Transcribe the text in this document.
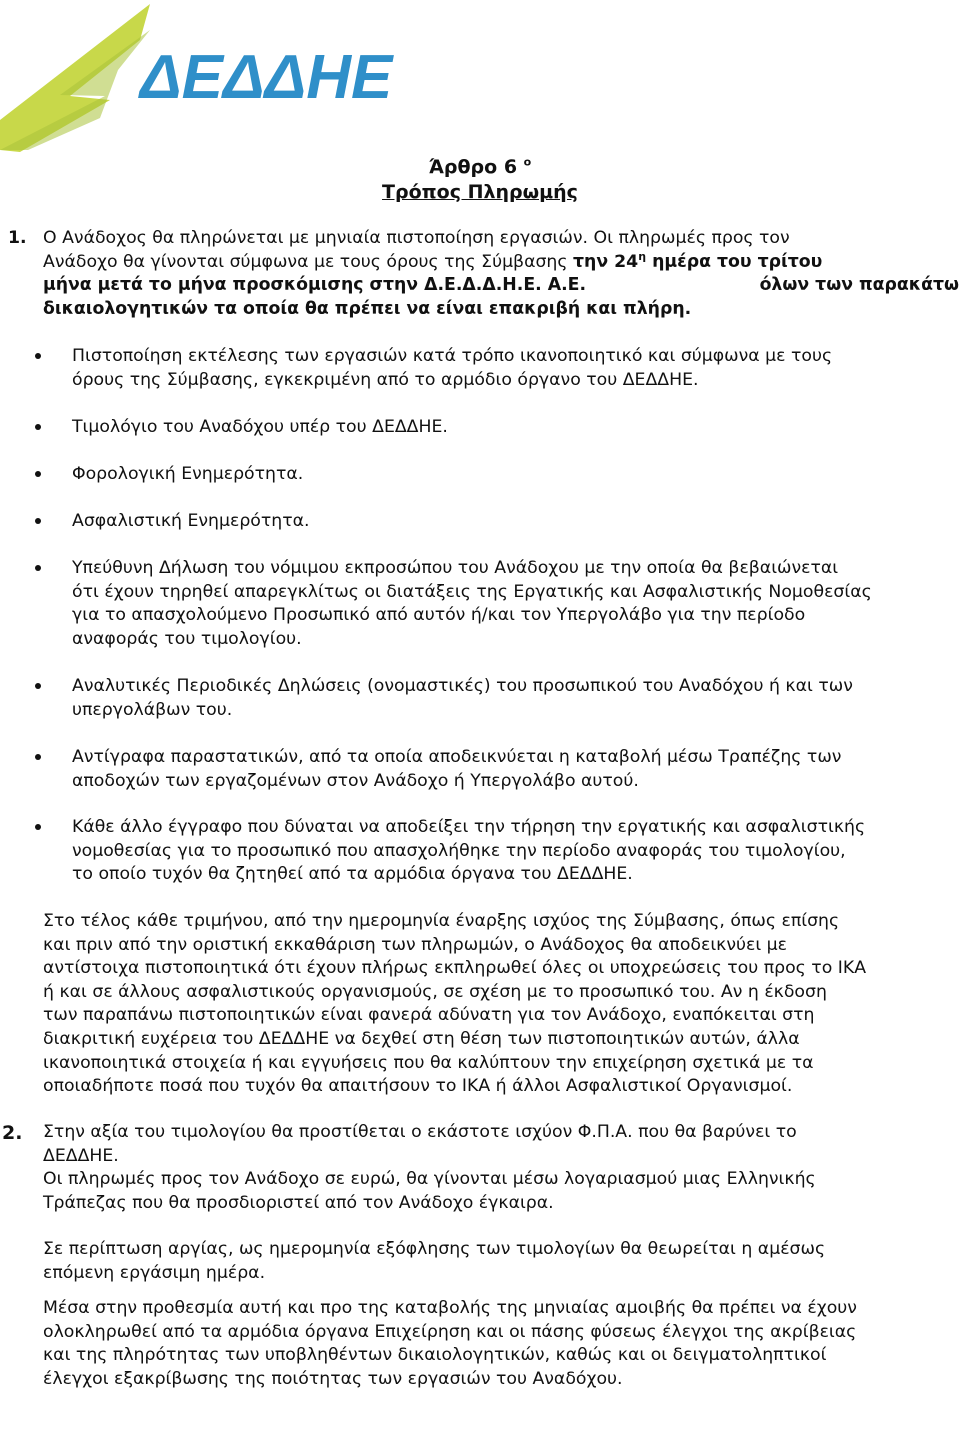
ΔΕΔΔΗΕ
Άρθρο 6 $^o$
Τρόπος Πληρωμής
1. Ο Ανάδοχος θα πληρώνεται με μηνιαία πιστοποίηση εργασιών. Οι πληρωμές προς τον
Ανάδοχο θα γίνονται σύμφωνα με τους όρους της Σύμβασης την $24^\eta$ ημέρα του τρίτου
μήνα μετά το μήνα προσκόμισης στην Δ.Ε.Δ.Δ.Η.Ε. Α.Ε.	όλων των παρακάτω

δικαιολογητικών τα οποία θα πρέπει να είναι επακριβή και πλήρη.
Πιστοποίηση εκτέλεσης των εργασιών κατά τρόπο ικανοποιητικό και σύμφωνα με τους
όρους της Σύμβασης, εγκεκριμένη από το αρμόδιο όργανο του ΔΕΔΔΗΕ.
Τιμολόγιο του Αναδόχου υπέρ του ΔΕΔΔΗΕ.
Φορολογική Ενημερότητα.
Ασφαλιστική Ενημερότητα.
Υπεύθυνη Δήλωση του νόμιμου εκπροσώπου του Ανάδοχου με την οποία θα βεβαιώνεται
ότι έχουν τηρηθεί απαρεγκλίτως οι διατάξεις της Εργατικής και Ασφαλιστικής Νομοθεσίας
για το απασχολούμενο Προσωπικό από αυτόν ή/και τον Υπεργολάβο για την περίοδο
αναφοράς του τιμολογίου.
Αναλυτικές Περιοδικές Δηλώσεις (ονομαστικές) του προσωπικού του Αναδόχου ή και των
υπεργολάβων του.
Αντίγραφα παραστατικών, από τα οποία αποδεικνύεται η καταβολή μέσω Τραπέζης των
αποδοχών των εργαζομένων στον Ανάδοχο ή Υπεργολάβο αυτού.
Κάθε άλλο έγγραφο που δύναται να αποδείξει την τήρηση την εργατικής και ασφαλιστικής
νομοθεσίας για το προσωπικό που απασχολήθηκε την περίοδο αναφοράς του τιμολογίου,
το οποίο τυχόν θα ζητηθεί από τα αρμόδια όργανα του ΔΕΔΔΗΕ.
Στο τέλος κάθε τριμήνου, από την ημερομηνία έναρξης ισχύος της Σύμβασης, όπως επίσης
και πριν από την οριστική εκκαθάριση των πληρωμών, ο Ανάδοχος θα αποδεικνύει με
αντίστοιχα πιστοποιητικά ότι έχουν πλήρως εκπληρωθεί όλες οι υποχρεώσεις του προς το ΙΚΑ
ή και σε άλλους ασφαλιστικούς οργανισμούς, σε σχέση με το προσωπικό του. Αν η έκδοση
των παραπάνω πιστοποιητικών είναι φανερά αδύνατη για τον Ανάδοχο, εναπόκειται στη
διακριτική ευχέρεια του ΔΕΔΔΗΕ να δεχθεί στη θέση των πιστοποιητικών αυτών, άλλα
ικανοποιητικά στοιχεία ή και εγγυήσεις που θα καλύπτουν την επιχείρηση σχετικά με τα
οποιαδήποτε ποσά που τυχόν θα απαιτήσουν το ΙΚΑ ή άλλοι Ασφαλιστικοί Οργανισμοί.
2. Στην αξία του τιμολογίου θα προστίθεται ο εκάστοτε ισχύον Φ.Π.Α. που θα βαρύνει το
ΔΕΔΔΗΕ.
Οι πληρωμές προς τον Ανάδοχο σε ευρώ, θα γίνονται μέσω λογαριασμού μιας Ελληνικής
Τράπεζας που θα προσδιοριστεί από τον Ανάδοχο έγκαιρα.
Σε περίπτωση αργίας, ως ημερομηνία εξόφλησης των τιμολογίων θα θεωρείται η αμέσως
επόμενη εργάσιμη ημέρα.
Μέσα στην προθεσμία αυτή και προ της καταβολής της μηνιαίας αμοιβής θα πρέπει να έχουν
ολοκληρωθεί από τα αρμόδια όργανα Επιχείρηση και οι πάσης φύσεως έλεγχοι της ακρίβειας
και της πληρότητας των υποβληθέντων δικαιολογητικών, καθώς και οι δειγματοληπτικοί
έλεγχοι εξακρίβωσης της ποιότητας των εργασιών του Αναδόχου.
